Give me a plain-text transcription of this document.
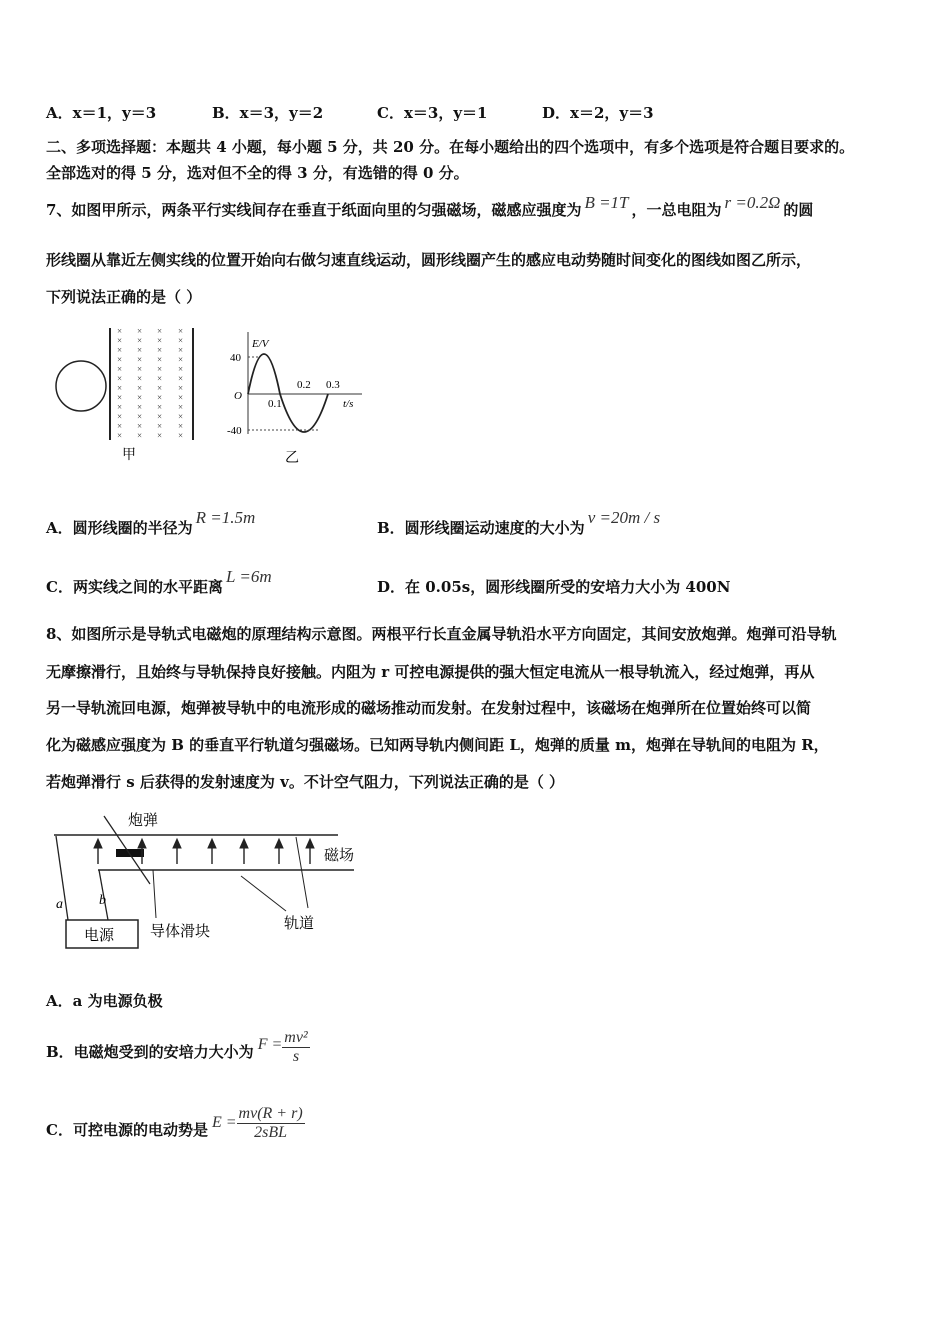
A．x＝1，y＝3	B．x＝3，y＝2	C．x＝3，y＝1	D．x＝2，y＝3
二、多项选择题：本题共 4 小题，每小题 5 分，共 20 分。在每小题给出的四个选项中，有多个选项是符合题目要求的。
全部选对的得 5 分，选对但不全的得 3 分，有选错的得 0 分。
7、如图甲所示，两条平行实线间存在垂直于纸面向里的匀强磁场，磁感应强度为 B =1T ，一总电阻为 r =0.2Ω 的圆
形线圈从靠近左侧实线的位置开始向右做匀速直线运动，圆形线圈产生的感应电动势随时间变化的图线如图乙所示，
下列说法正确的是（ ）
× × × ×
× × × ×
× × × ×
× × × ×
× × × ×
× × × ×
× × × ×
× × × ×
× × × ×
× × × ×
× × × ×
× × × ×
甲
E/V
t/s
O
40
-40
0.1
0.2 0.3
乙
A．圆形线圈的半径为R =1.5m
B．圆形线圈运动速度的大小为v =20m / s
C．两实线之间的水平距离L =6m
D．在 0.05s，圆形线圈所受的安培力大小为 400N
8、如图所示是导轨式电磁炮的原理结构示意图。两根平行长直金属导轨沿水平方向固定，其间安放炮弹。炮弹可沿导轨
无摩擦滑行，且始终与导轨保持良好接触。内阻为 r 可控电源提供的强大恒定电流从一根导轨流入，经过炮弹，再从
另一导轨流回电源，炮弹被导轨中的电流形成的磁场推动而发射。在发射过程中，该磁场在炮弹所在位置始终可以简
化为磁感应强度为 B 的垂直平行轨道匀强磁场。已知两导轨内侧间距 L，炮弹的质量 m，炮弹在导轨间的电阻为 R，
若炮弹滑行 s 后获得的发射速度为 v。不计空气阻力，下列说法正确的是（ ）
电源
a	b
炮弹
磁场
导体滑块	轨道
A．a 为电源负极
B．电磁炮受到的安培力大小为 $F = \frac{\text{mv²}}{s}$
C．可控电源的电动势是 $E = \frac{mv(R + r)}{\text{2sBL}}$
